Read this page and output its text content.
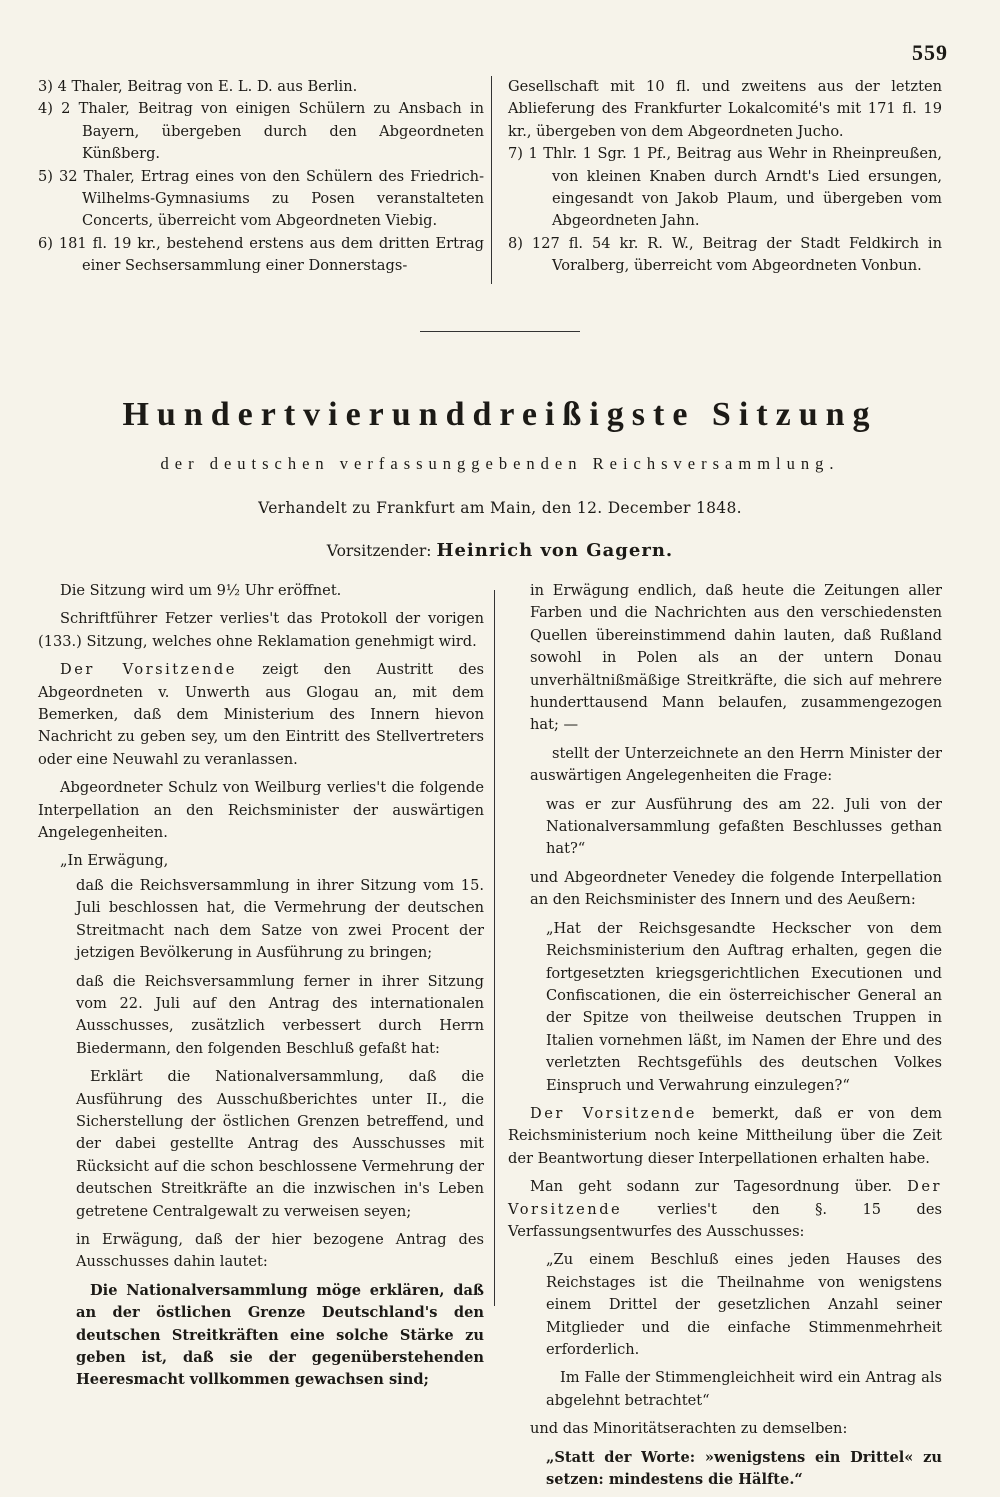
559

3) 4 Thaler, Beitrag von E. L. D. aus Berlin.

4) 2 Thaler, Beitrag von einigen Schülern zu Ansbach in Bayern, übergeben durch den Abgeordneten Künßberg.

5) 32 Thaler, Ertrag eines von den Schülern des Friedrich-Wilhelms-Gymnasiums zu Posen veranstalteten Concerts, überreicht vom Abgeordneten Viebig.

6) 181 fl. 19 kr., bestehend erstens aus dem dritten Ertrag einer Sechsersammlung einer Donnerstags-

Gesellschaft mit 10 fl. und zweitens aus der letzten Ablieferung des Frankfurter Lokalcomité's mit 171 fl. 19 kr., übergeben von dem Abgeordneten Jucho.

7) 1 Thlr. 1 Sgr. 1 Pf., Beitrag aus Wehr in Rheinpreußen, von kleinen Knaben durch Arndt's Lied ersungen, eingesandt von Jakob Plaum, und übergeben vom Abgeordneten Jahn.

8) 127 fl. 54 kr. R. W., Beitrag der Stadt Feldkirch in Voralberg, überreicht vom Abgeordneten Vonbun.

Hundertvierunddreißigste Sitzung
der deutschen verfassunggebenden Reichsversammlung.
Verhandelt zu Frankfurt am Main, den 12. December 1848.
Vorsitzender: Heinrich von Gagern.

Die Sitzung wird um 9½ Uhr eröffnet.

Schriftführer Fetzer verlies't das Protokoll der vorigen (133.) Sitzung, welches ohne Reklamation genehmigt wird.

Der Vorsitzende zeigt den Austritt des Abgeordneten v. Unwerth aus Glogau an, mit dem Bemerken, daß dem Ministerium des Innern hievon Nachricht zu geben sey, um den Eintritt des Stellvertreters oder eine Neuwahl zu veranlassen.

Abgeordneter Schulz von Weilburg verlies't die folgende Interpellation an den Reichsminister der auswärtigen Angelegenheiten.

„In Erwägung,

daß die Reichsversammlung in ihrer Sitzung vom 15. Juli beschlossen hat, die Vermehrung der deutschen Streitmacht nach dem Satze von zwei Procent der jetzigen Bevölkerung in Ausführung zu bringen;

daß die Reichsversammlung ferner in ihrer Sitzung vom 22. Juli auf den Antrag des internationalen Ausschusses, zusätzlich verbessert durch Herrn Biedermann, den folgenden Beschluß gefaßt hat:

Erklärt die Nationalversammlung, daß die Ausführung des Ausschußberichtes unter II., die Sicherstellung der östlichen Grenzen betreffend, und der dabei gestellte Antrag des Ausschusses mit Rücksicht auf die schon beschlossene Vermehrung der deutschen Streitkräfte an die inzwischen in's Leben getretene Centralgewalt zu verweisen seyen;

in Erwägung, daß der hier bezogene Antrag des Ausschusses dahin lautet:

Die Nationalversammlung möge erklären, daß an der östlichen Grenze Deutschland's den deutschen Streitkräften eine solche Stärke zu geben ist, daß sie der gegenüberstehenden Heeresmacht vollkommen gewachsen sind;

in Erwägung endlich, daß heute die Zeitungen aller Farben und die Nachrichten aus den verschiedensten Quellen übereinstimmend dahin lauten, daß Rußland sowohl in Polen als an der untern Donau unverhältnißmäßige Streitkräfte, die sich auf mehrere hunderttausend Mann belaufen, zusammengezogen hat; —

stellt der Unterzeichnete an den Herrn Minister der auswärtigen Angelegenheiten die Frage:

was er zur Ausführung des am 22. Juli von der Nationalversammlung gefaßten Beschlusses gethan hat?“

und Abgeordneter Venedey die folgende Interpellation an den Reichsminister des Innern und des Aeußern:

„Hat der Reichsgesandte Heckscher von dem Reichsministerium den Auftrag erhalten, gegen die fortgesetzten kriegsgerichtlichen Executionen und Confiscationen, die ein österreichischer General an der Spitze von theilweise deutschen Truppen in Italien vornehmen läßt, im Namen der Ehre und des verletzten Rechtsgefühls des deutschen Volkes Einspruch und Verwahrung einzulegen?“

Der Vorsitzende bemerkt, daß er von dem Reichsministerium noch keine Mittheilung über die Zeit der Beantwortung dieser Interpellationen erhalten habe.

Man geht sodann zur Tagesordnung über. Der Vorsitzende verlies't den §. 15 des Verfassungsentwurfes des Ausschusses:

„Zu einem Beschluß eines jeden Hauses des Reichstages ist die Theilnahme von wenigstens einem Drittel der gesetzlichen Anzahl seiner Mitglieder und die einfache Stimmenmehrheit erforderlich.

Im Falle der Stimmengleichheit wird ein Antrag als abgelehnt betrachtet“

und das Minoritätserachten zu demselben:

„Statt der Worte: »wenigstens ein Drittel« zu setzen: mindestens die Hälfte.“
